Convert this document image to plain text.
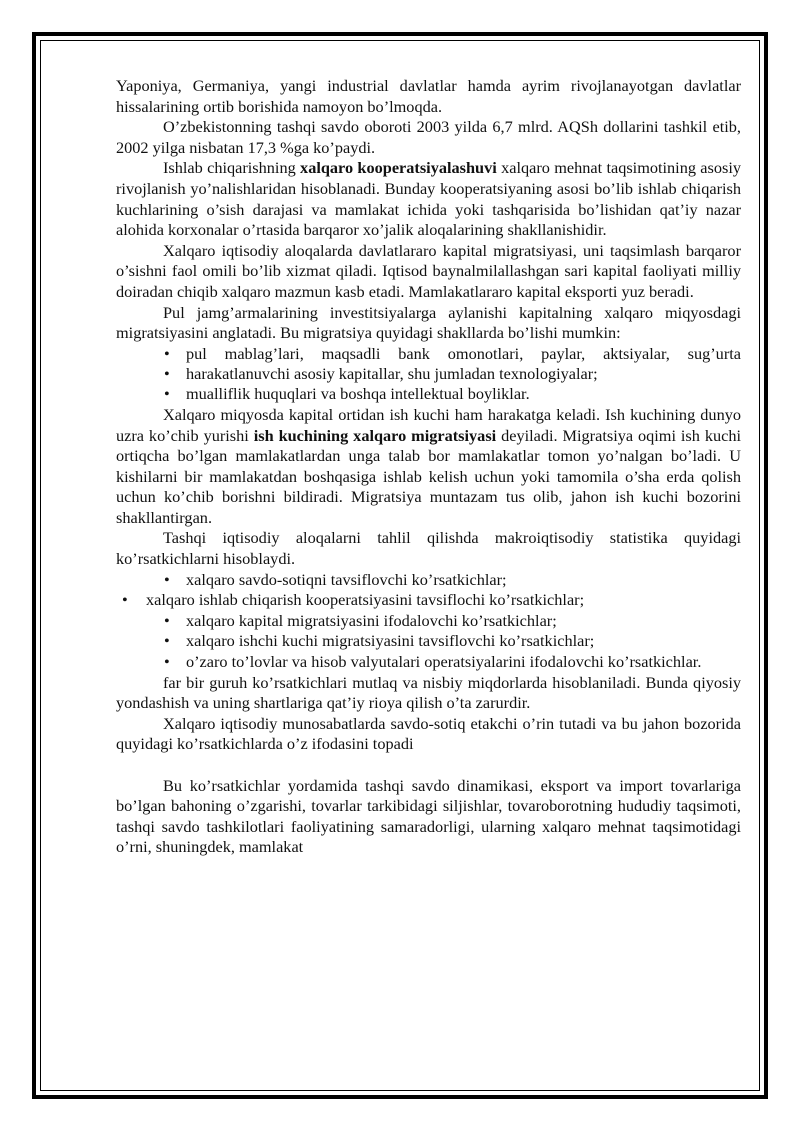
Yaponiya, Germaniya, yangi industrial davlatlar hamda ayrim rivojlanayotgan davlatlar hissalarining ortib borishida namoyon bo’lmoqda.

O’zbekistonning tashqi savdo oboroti 2003 yilda 6,7 mlrd. AQSh dollarini tashkil etib, 2002 yilga nisbatan 17,3 %ga ko’paydi.

Ishlab chiqarishning xalqaro kooperatsiyalashuvi xalqaro mehnat taqsimotining asosiy rivojlanish yo’nalishlaridan hisoblanadi. Bunday kooperatsiyaning asosi bo’lib ishlab chiqarish kuchlarining o’sish darajasi va mamlakat ichida yoki tashqarisida bo’lishidan qat’iy nazar alohida korxonalar o’rtasida barqaror xo’jalik aloqalarining shakllanishidir.

Xalqaro iqtisodiy aloqalarda davlatlararo kapital migratsiyasi, uni taqsimlash barqaror o’sishni faol omili bo’lib xizmat qiladi. Iqtisod baynalmilallashgan sari kapital faoliyati milliy doiradan chiqib xalqaro mazmun kasb etadi. Mamlakatlararo kapital eksporti yuz beradi.

Pul jamg’armalarining investitsiyalarga aylanishi kapitalning xalqaro miqyosdagi migratsiyasini anglatadi. Bu migratsiya quyidagi shakllarda bo’lishi mumkin:

• pul mablag’lari, maqsadli bank omonotlari, paylar, aktsiyalar, sug’urta
• harakatlanuvchi asosiy kapitallar, shu jumladan texnologiyalar;
• mualliflik huquqlari va boshqa intellektual boyliklar.

Xalqaro miqyosda kapital ortidan ish kuchi ham harakatga keladi. Ish kuchining dunyo uzra ko’chib yurishi ish kuchining xalqaro migratsiyasi deyiladi. Migratsiya oqimi ish kuchi ortiqcha bo’lgan mamlakatlardan unga talab bor mamlakatlar tomon yo’nalgan bo’ladi. U kishilarni bir mamlakatdan boshqasiga ishlab kelish uchun yoki tamomila o’sha erda qolish uchun ko’chib borishni bildiradi. Migratsiya muntazam tus olib, jahon ish kuchi bozorini shakllantirgan.

Tashqi iqtisodiy aloqalarni tahlil qilishda makroiqtisodiy statistika quyidagi ko’rsatkichlarni hisoblaydi.

• xalqaro savdo-sotiqni tavsiflovchi ko’rsatkichlar;
• xalqaro ishlab chiqarish kooperatsiyasini tavsiflochi ko’rsatkichlar;
• xalqaro kapital migratsiyasini ifodalovchi ko’rsatkichlar;
• xalqaro ishchi kuchi migratsiyasini tavsiflovchi ko’rsatkichlar;
• o’zaro to’lovlar va hisob valyutalari operatsiyalarini ifodalovchi ko’rsatkichlar.

far bir guruh ko’rsatkichlari mutlaq va nisbiy miqdorlarda hisoblaniladi. Bunda qiyosiy yondashish va uning shartlariga qat’iy rioya qilish o’ta zarurdir.

Xalqaro iqtisodiy munosabatlarda savdo-sotiq etakchi o’rin tutadi va bu jahon bozorida quyidagi ko’rsatkichlarda o’z ifodasini topadi

Bu ko’rsatkichlar yordamida tashqi savdo dinamikasi, eksport va import tovarlariga bo’lgan bahoning o’zgarishi, tovarlar tarkibidagi siljishlar, tovaroborotning hududiy taqsimoti, tashqi savdo tashkilotlari faoliyatining samaradorligi, ularning xalqaro mehnat taqsimotidagi o’rni, shuningdek, mamlakat
